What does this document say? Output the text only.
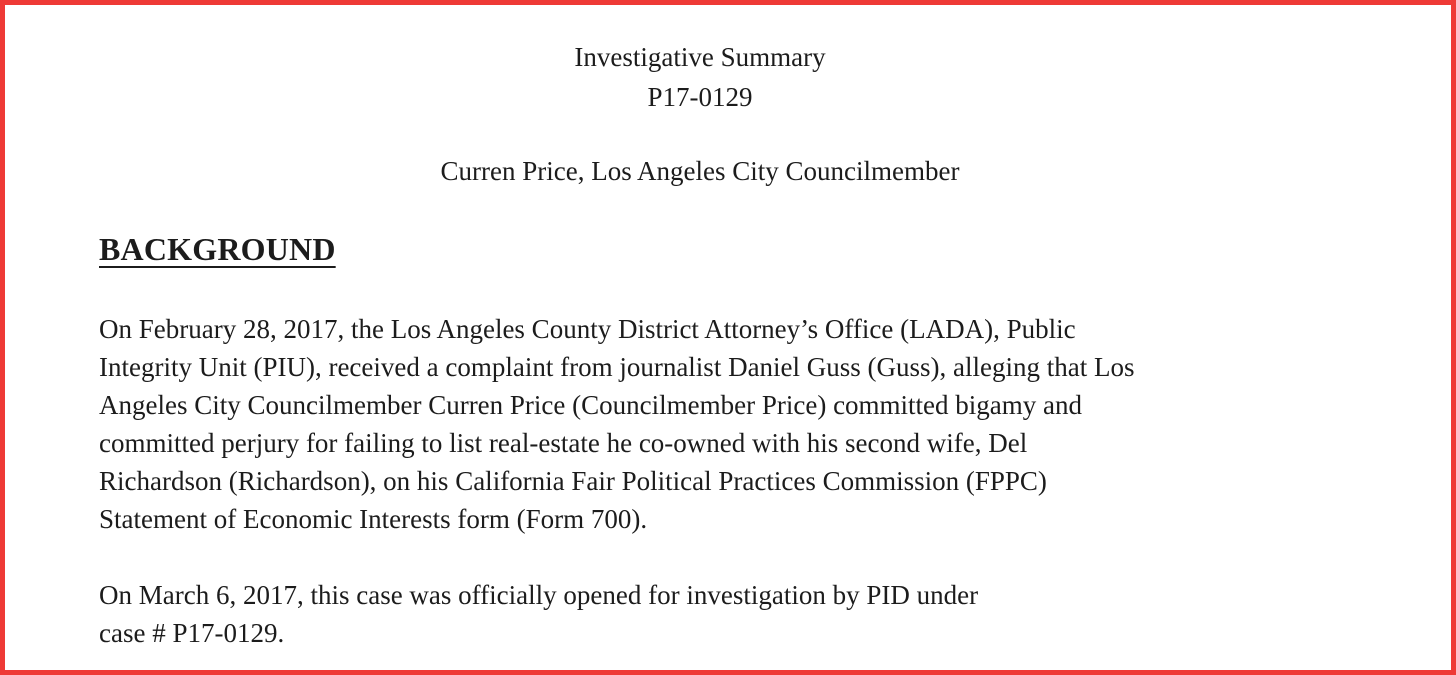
Investigative Summary
P17-0129
Curren Price, Los Angeles City Councilmember
BACKGROUND
On February 28, 2017, the Los Angeles County District Attorney’s Office (LADA), Public
Integrity Unit (PIU), received a complaint from journalist Daniel Guss (Guss), alleging that Los
Angeles City Councilmember Curren Price (Councilmember Price) committed bigamy and
committed perjury for failing to list real-estate he co-owned with his second wife, Del
Richardson (Richardson), on his California Fair Political Practices Commission (FPPC)
Statement of Economic Interests form (Form 700).
On March 6, 2017, this case was officially opened for investigation by PID under
case # P17-0129.
